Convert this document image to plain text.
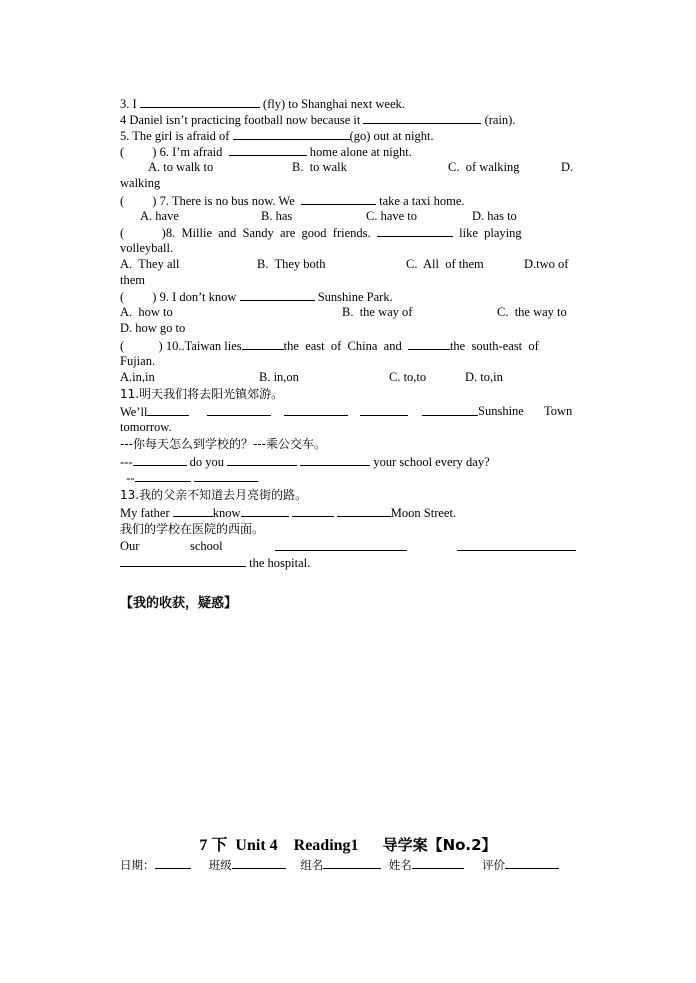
3. I	(fly) to Shanghai next week.
4 Daniel isn’t practicing football now because it	(rain).
5. The girl is afraid of	(go) out at night.
(         ) 6. I’m afraid	home alone at night.
A. to walk to	B.  to walk	C.  of walking	D.
walking
(         ) 7. There is no bus now. We	take a taxi home.
A. have	B. has	C. have to	D. has to
(            )8.  Millie  and  Sandy  are  good  friends.	like  playing
volleyball.
A.  They all	B.  They both	C.  All  of them	D.two of
them
(         ) 9. I don’t know	Sunshine Park.
A.  how to	B.  the way of	C.  the way to
D. how go to
(           ) 10..Taiwan lies	the  east  of  China  and	the  south-east  of
Fujian.
A.in,in	B. in,on	C. to,to	D. to,in
11.明天我们将去阳光镇郊游。
We’ll	Sunshine Town
tomorrow.
---你每天怎么到学校的？---乘公交车。
---	do you	your school every day?
--
13.我的父亲不知道去月亮街的路。
My father	know	Moon Street.
我们的学校在医院的西面。
Our	school
the hospital.
【我的收获，疑惑】
7 下  Unit 4    Reading1      导学案【No.2】
日期：	班级	组名	姓名	评价
